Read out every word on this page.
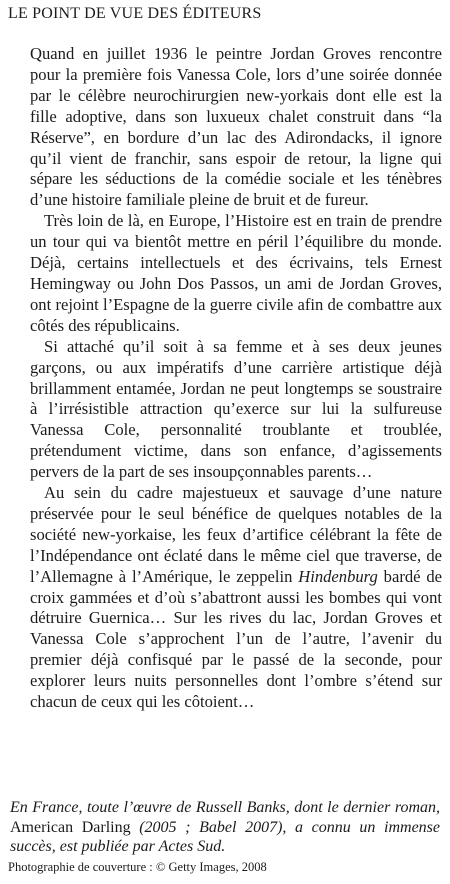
LE POINT DE VUE DES ÉDITEURS

Quand en juillet 1936 le peintre Jordan Groves rencontre pour la première fois Vanessa Cole, lors d’une soirée donnée par le célèbre neurochirurgien new-yorkais dont elle est la fille adoptive, dans son luxueux chalet construit dans “la Réserve”, en bordure d’un lac des Adirondacks, il ignore qu’il vient de franchir, sans espoir de retour, la ligne qui sépare les séductions de la comédie sociale et les ténèbres d’une histoire familiale pleine de bruit et de fureur.

Très loin de là, en Europe, l’Histoire est en train de prendre un tour qui va bientôt mettre en péril l’équilibre du monde. Déjà, certains intellectuels et des écrivains, tels Ernest Hemingway ou John Dos Passos, un ami de Jordan Groves, ont rejoint l’Espagne de la guerre civile afin de combattre aux côtés des républicains.

Si attaché qu’il soit à sa femme et à ses deux jeunes garçons, ou aux impératifs d’une carrière artistique déjà brillamment entamée, Jordan ne peut longtemps se soustraire à l’irrésistible attraction qu’exerce sur lui la sulfureuse Vanessa Cole, personnalité troublante et troublée, prétendument victime, dans son enfance, d’agissements pervers de la part de ses insoupçonnables parents…

Au sein du cadre majestueux et sauvage d’une nature préservée pour le seul bénéfice de quelques notables de la société new-yorkaise, les feux d’artifice célébrant la fête de l’Indépendance ont éclaté dans le même ciel que traverse, de l’Allemagne à l’Amérique, le zeppelin Hindenburg bardé de croix gammées et d’où s’abattront aussi les bombes qui vont détruire Guernica… Sur les rives du lac, Jordan Groves et Vanessa Cole s’approchent l’un de l’autre, l’avenir du premier déjà confisqué par le passé de la seconde, pour explorer leurs nuits personnelles dont l’ombre s’étend sur chacun de ceux qui les côtoient…

En France, toute l’œuvre de Russell Banks, dont le dernier roman, American Darling (2005 ; Babel 2007), a connu un immense succès, est publiée par Actes Sud.

Photographie de couverture : © Getty Images, 2008
